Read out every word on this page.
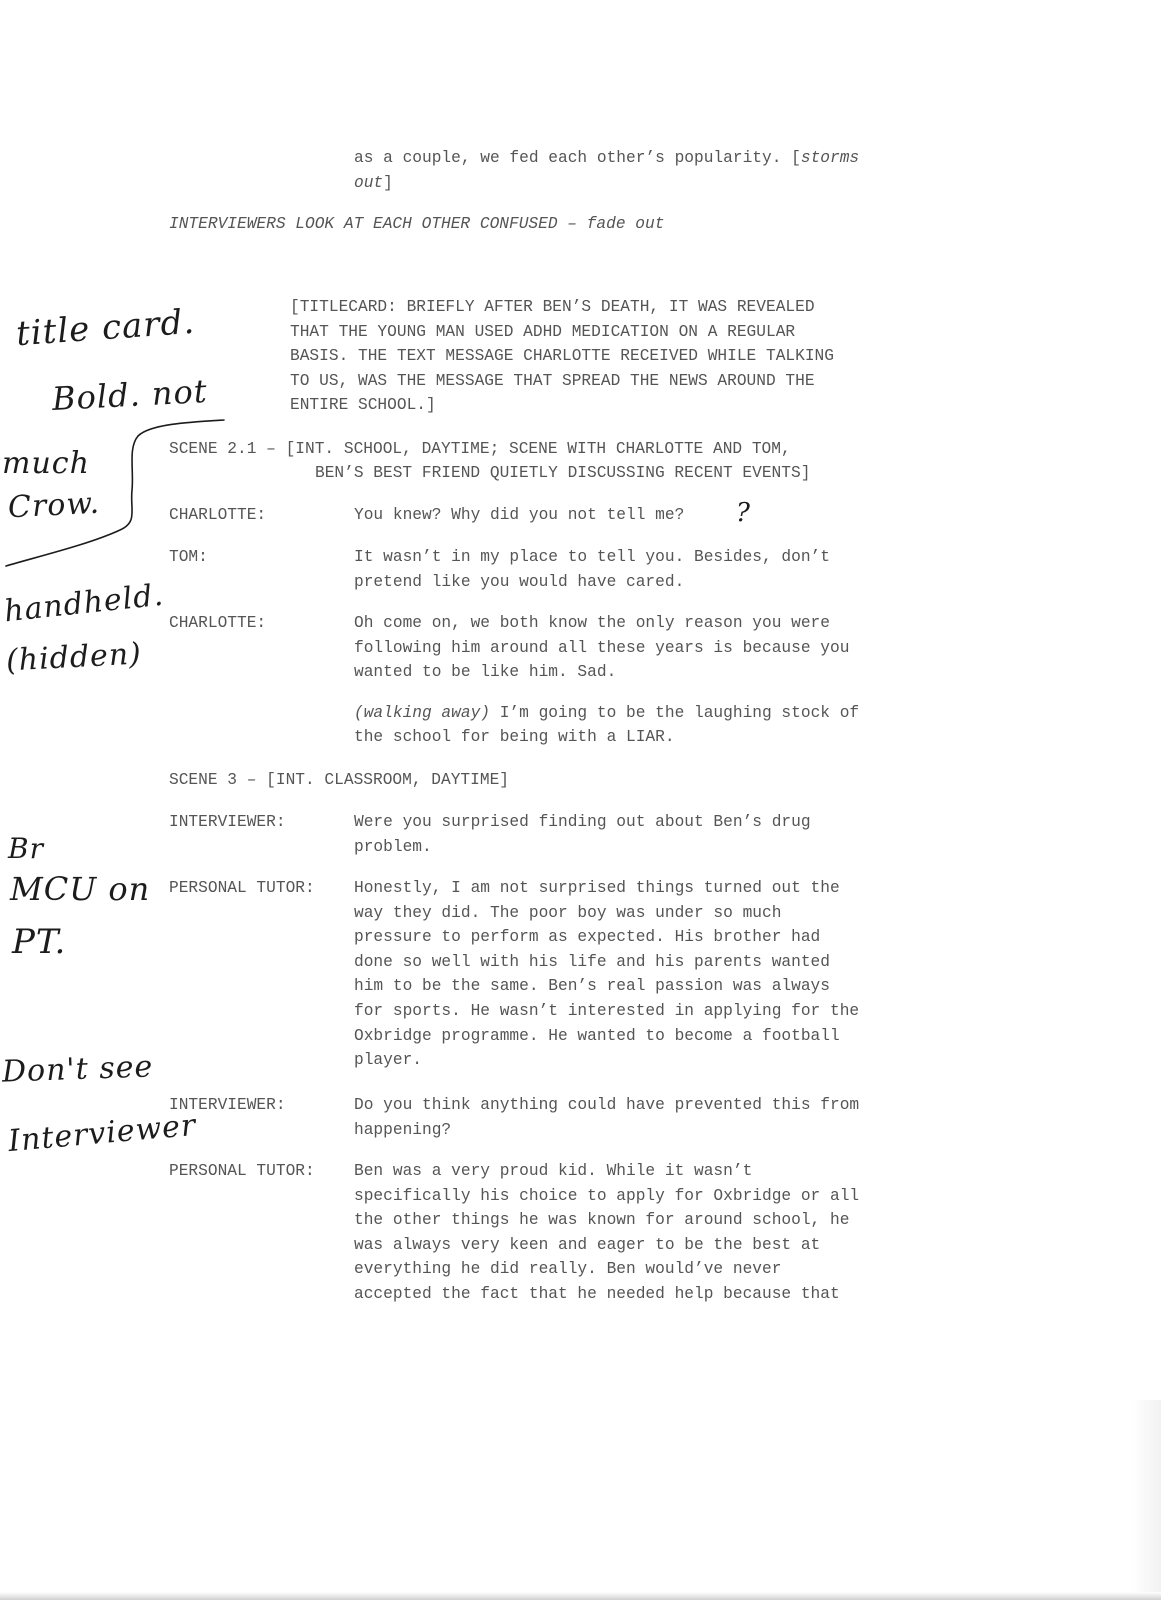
as a couple, we fed each other’s popularity. [storms
out]
INTERVIEWERS LOOK AT EACH OTHER CONFUSED – fade out
[TITLECARD: BRIEFLY AFTER BEN’S DEATH, IT WAS REVEALED
THAT THE YOUNG MAN USED ADHD MEDICATION ON A REGULAR
BASIS. THE TEXT MESSAGE CHARLOTTE RECEIVED WHILE TALKING
TO US, WAS THE MESSAGE THAT SPREAD THE NEWS AROUND THE
ENTIRE SCHOOL.]
SCENE 2.1 – [INT. SCHOOL, DAYTIME; SCENE WITH CHARLOTTE AND TOM,
BEN’S BEST FRIEND QUIETLY DISCUSSING RECENT EVENTS]
CHARLOTTE:	You knew? Why did you not tell me?
TOM:	It wasn’t in my place to tell you. Besides, don’t
pretend like you would have cared.
CHARLOTTE:	Oh come on, we both know the only reason you were
following him around all these years is because you
wanted to be like him. Sad.
(walking away) I’m going to be the laughing stock of
the school for being with a LIAR.
SCENE 3 – [INT. CLASSROOM, DAYTIME]
INTERVIEWER:	Were you surprised finding out about Ben’s drug
problem.
PERSONAL TUTOR: Honestly, I am not surprised things turned out the
way they did. The poor boy was under so much
pressure to perform as expected. His brother had
done so well with his life and his parents wanted
him to be the same. Ben’s real passion was always
for sports. He wasn’t interested in applying for the
Oxbridge programme. He wanted to become a football
player.
INTERVIEWER:	Do you think anything could have prevented this from
happening?
PERSONAL TUTOR: Ben was a very proud kid. While it wasn’t
specifically his choice to apply for Oxbridge or all
the other things he was known for around school, he
was always very keen and eager to be the best at
everything he did really. Ben would’ve never
accepted the fact that he needed help because that
title card.
Bold. not
much
Crow.
handheld.
(hidden)
Br
MCU on
PT.
Don't see
Interviewer
?
